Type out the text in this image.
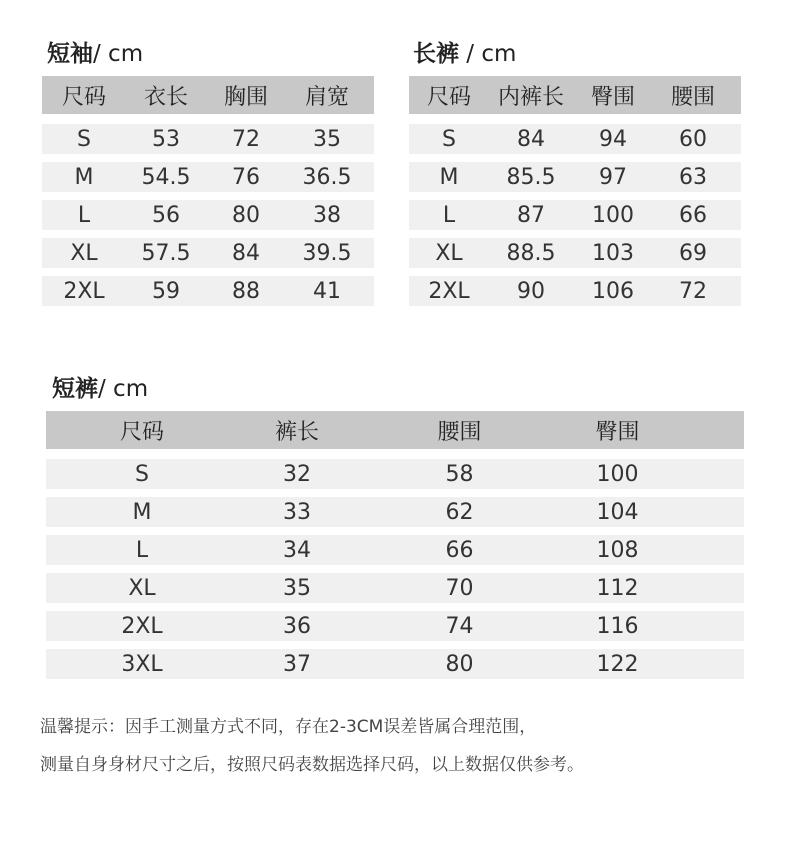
短袖/ cm	长裤 / cm
短裤/ cm
尺码	衣长	胸围	肩宽
S	53	72	35
M	54.5	76	36.5
L	56	80	38
XL	57.5	84	39.5
2XL	59	88	41
尺码	内裤长	臀围	腰围
S	84	94	60
M	85.5	97	63
L	87	100	66
XL	88.5	103	69
2XL	90	106	72
尺码	裤长	腰围	臀围
S	32	58	100
M	33	62	104
L	34	66	108
XL	35	70	112
2XL	36	74	116
3XL	37	80	122
温馨提示：因手工测量方式不同，存在2-3CM误差皆属合理范围，
测量自身身材尺寸之后，按照尺码表数据选择尺码，以上数据仅供参考。
